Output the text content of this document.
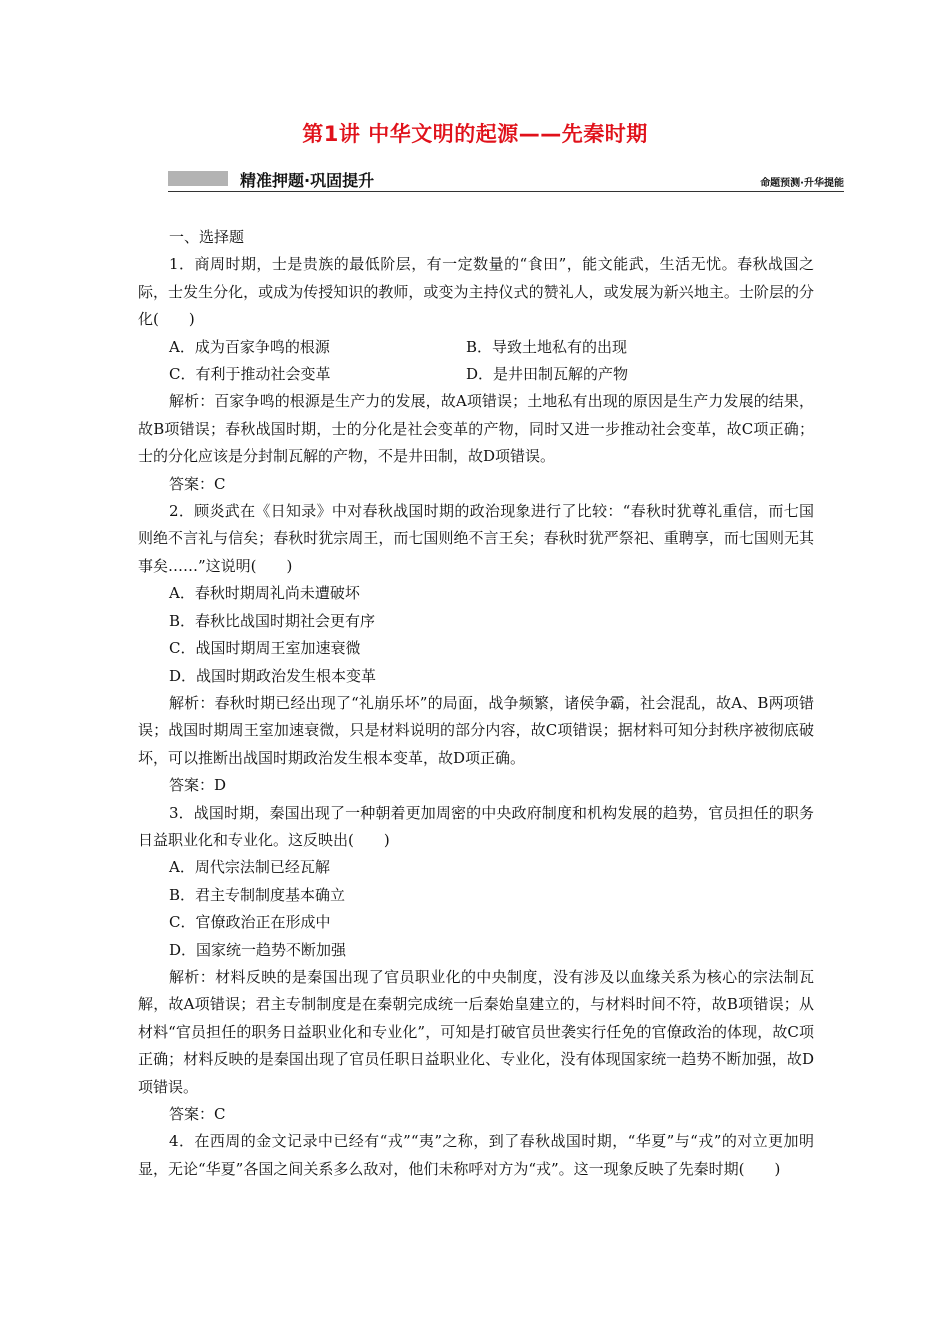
第1讲 中华文明的起源——先秦时期
精准押题·巩固提升	命题预测·升华提能

一、选择题

1．商周时期，士是贵族的最低阶层，有一定数量的“食田”，能文能武，生活无忧。春秋战国之际，士发生分化，或成为传授知识的教师，或变为主持仪式的赞礼人，或发展为新兴地主。士阶层的分化(　　)

A．成为百家争鸣的根源	B．导致土地私有的出现
C．有利于推动社会变革	D．是井田制瓦解的产物

解析：百家争鸣的根源是生产力的发展，故A项错误；土地私有出现的原因是生产力发展的结果，故B项错误；春秋战国时期，士的分化是社会变革的产物，同时又进一步推动社会变革，故C项正确；士的分化应该是分封制瓦解的产物，不是井田制，故D项错误。

答案：C

2．顾炎武在《日知录》中对春秋战国时期的政治现象进行了比较：“春秋时犹尊礼重信，而七国则绝不言礼与信矣；春秋时犹宗周王，而七国则绝不言王矣；春秋时犹严祭祀、重聘享，而七国则无其事矣……”这说明(　　)

A．春秋时期周礼尚未遭破坏
B．春秋比战国时期社会更有序
C．战国时期周王室加速衰微
D．战国时期政治发生根本变革

解析：春秋时期已经出现了“礼崩乐坏”的局面，战争频繁，诸侯争霸，社会混乱，故A、B两项错误；战国时期周王室加速衰微，只是材料说明的部分内容，故C项错误；据材料可知分封秩序被彻底破坏，可以推断出战国时期政治发生根本变革，故D项正确。

答案：D

3．战国时期，秦国出现了一种朝着更加周密的中央政府制度和机构发展的趋势，官员担任的职务日益职业化和专业化。这反映出(　　)

A．周代宗法制已经瓦解
B．君主专制制度基本确立
C．官僚政治正在形成中
D．国家统一趋势不断加强

解析：材料反映的是秦国出现了官员职业化的中央制度，没有涉及以血缘关系为核心的宗法制瓦解，故A项错误；君主专制制度是在秦朝完成统一后秦始皇建立的，与材料时间不符，故B项错误；从材料“官员担任的职务日益职业化和专业化”，可知是打破官员世袭实行任免的官僚政治的体现，故C项正确；材料反映的是秦国出现了官员任职日益职业化、专业化，没有体现国家统一趋势不断加强，故D项错误。

答案：C

4．在西周的金文记录中已经有“戎”“夷”之称，到了春秋战国时期，“华夏”与“戎”的对立更加明显，无论“华夏”各国之间关系多么敌对，他们未称呼对方为“戎”。这一现象反映了先秦时期(　　)
